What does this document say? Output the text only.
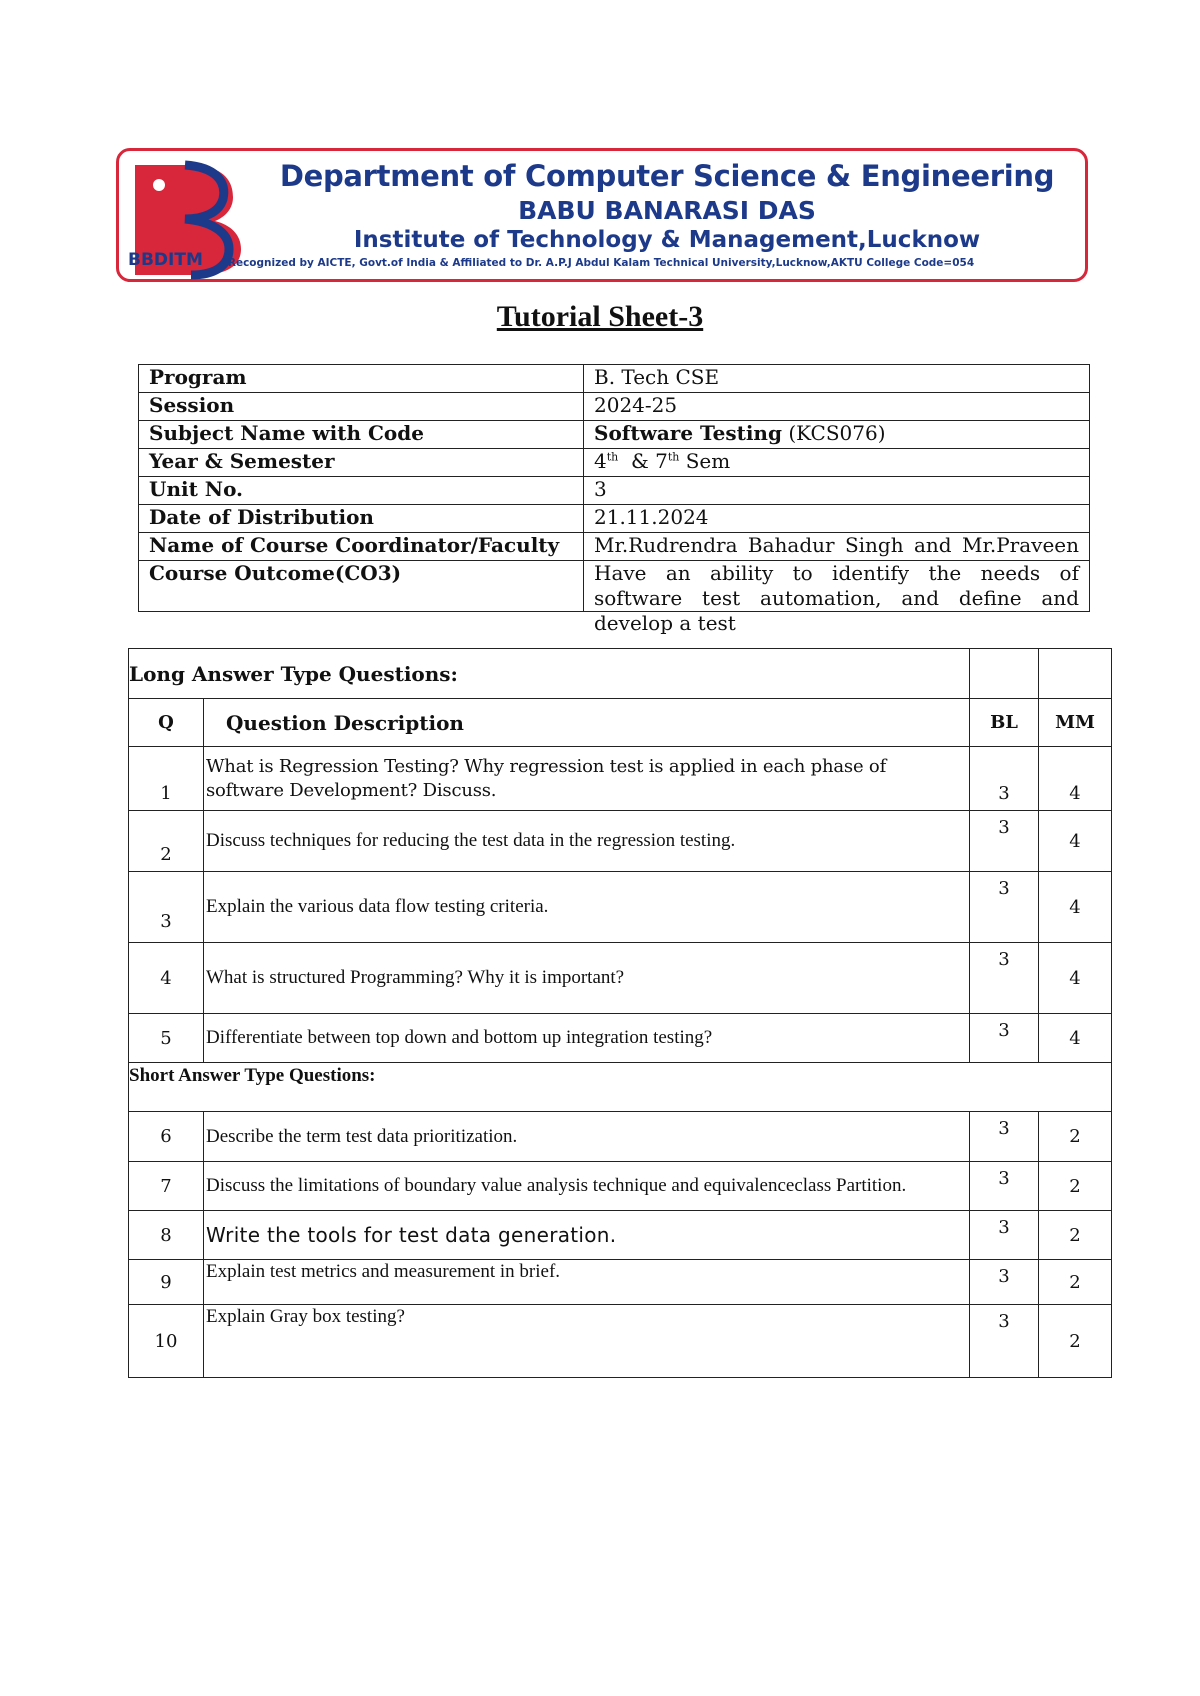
Department of Computer Science & Engineering
BABU BANARASI DAS
Institute of Technology & Management,Lucknow
Recognized by AICTE, Govt.of India & Affiliated to Dr. A.P.J Abdul Kalam Technical University,Lucknow,AKTU College Code=054
BBDITM
Tutorial Sheet-3
Program	B. Tech CSE
Session	2024-25
Subject Name with Code	Software Testing (KCS076)
Year & Semester	4th  & 7th Sem
Unit No.	3
Date of Distribution	21.11.2024
Name of Course Coordinator/Faculty	Mr.Rudrendra Bahadur Singh and Mr.Praveen
Course Outcome(CO3)	Have an ability to identify the needs of software test automation, and define and develop a test
Long Answer Type Questions:			
Q	Question Description	BL	MM
1	What is Regression Testing? Why regression test is applied in each phase of software Development? Discuss.	3	4
2	Discuss techniques for reducing the test data in the regression testing.	3	4
3	Explain the various data flow testing criteria.	3	4
4	What is structured Programming? Why it is important?	3	4
5	Differentiate between top down and bottom up integration testing?	3	4
Short Answer Type Questions:			
6	Describe the term test data prioritization.	3	2
7	Discuss the limitations of boundary value analysis technique and equivalenceclass Partition.	3	2
8	Write the tools for test data generation.	3	2
9	Explain test metrics and measurement in brief.	3	2
10	Explain Gray box testing?	3	2
